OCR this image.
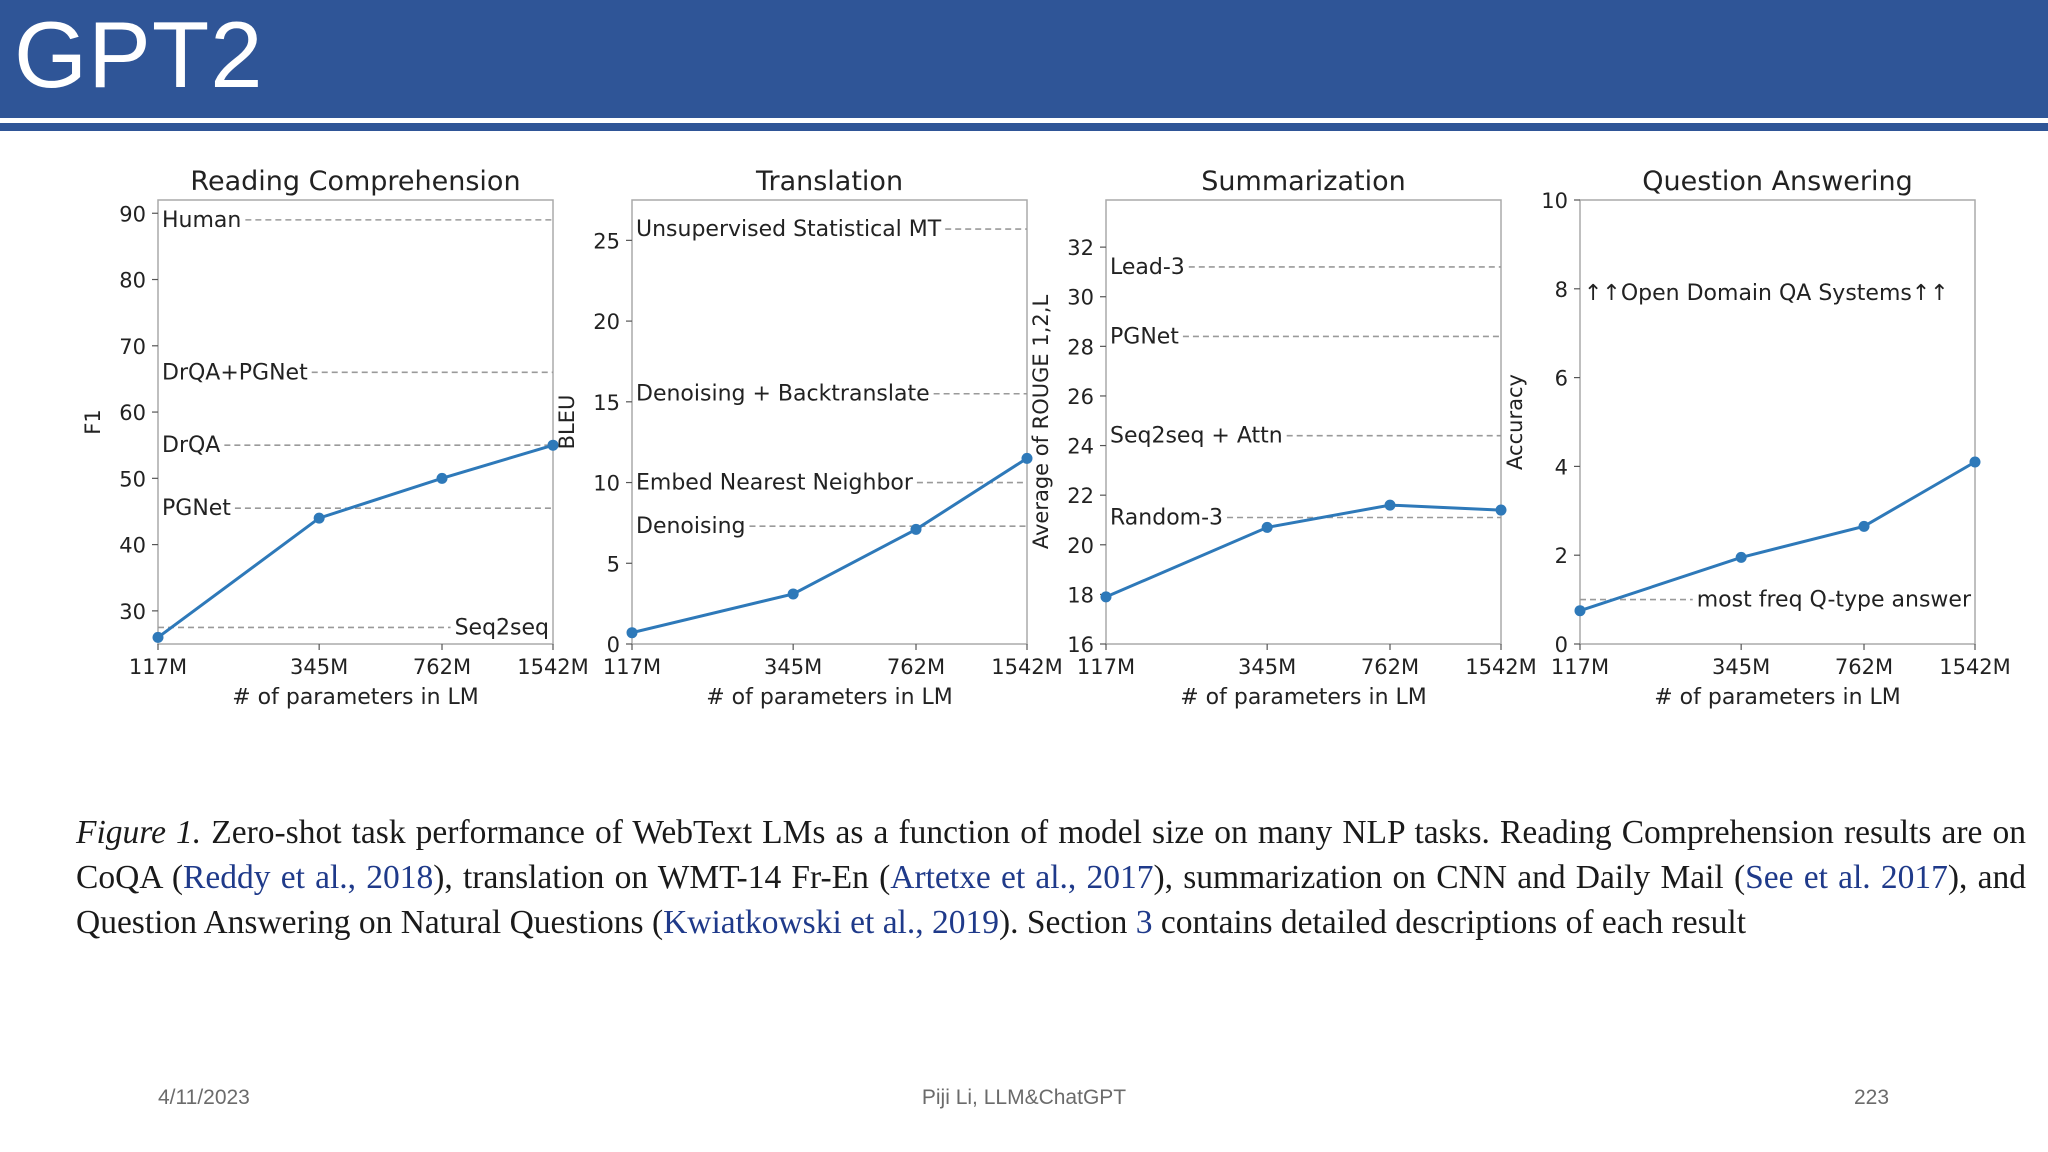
GPT2
Reading Comprehension
30
40
50
60
70
80
90
F1
117M	345M	762M 1542M
# of parameters in LM
Human
DrQA+PGNet
DrQA
PGNet
Seq2seq
Translation
0
5
10
15
20
25
BLEU
117M	345M	762M 1542M
# of parameters in LM
Unsupervised Statistical MT
Denoising + Backtranslate
Embed Nearest Neighbor
Denoising
Summarization
16
18
20
22
24
26
28
30
32
Average of ROUGE 1,2,L
117M	345M	762M 1542M
# of parameters in LM
Lead-3
PGNet
Seq2seq + Attn
Random-3
Question Answering
0
2
4
6
8
10
Accuracy
117M	345M	762M 1542M
# of parameters in LM
↑↑Open Domain QA Systems↑↑
most freq Q-type answer
Figure 1. Zero-shot task performance of WebText LMs as a function of model size on many NLP tasks. Reading Comprehension results are on CoQA (Reddy et al., 2018), translation on WMT-14 Fr-En (Artetxe et al., 2017), summarization on CNN and Daily Mail (See et al. 2017), and Question Answering on Natural Questions (Kwiatkowski et al., 2019). Section 3 contains detailed descriptions of each result
4/11/2023	Piji Li, LLM&ChatGPT	223
